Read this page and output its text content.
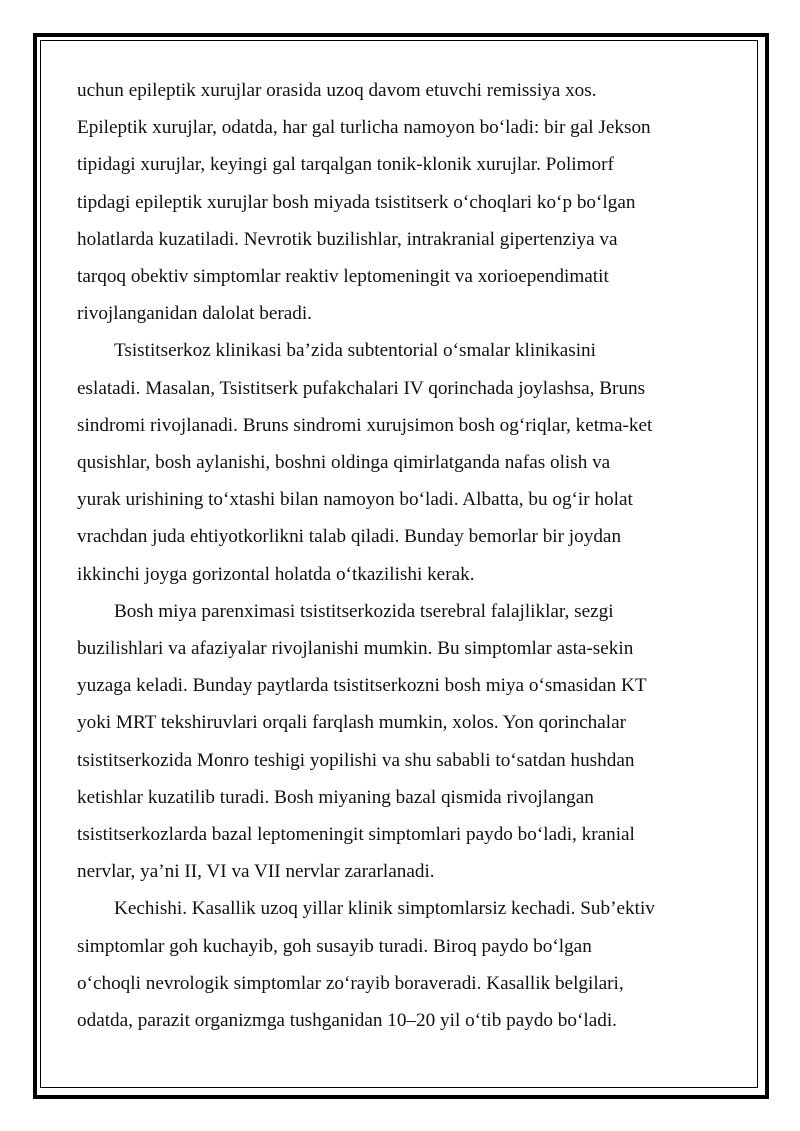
uchun epileptik xurujlar orasida uzoq davom etuvchi remissiya xos.
Epileptik xurujlar, odatda, har gal turlicha namoyon bo‘ladi: bir gal Jekson
tipidagi xurujlar, keyingi gal tarqalgan tonik-klonik xurujlar. Polimorf
tipdagi epileptik xurujlar bosh miyada tsistitserk o‘choqlari ko‘p bo‘lgan
holatlarda kuzatiladi. Nevrotik buzilishlar, intrakranial gipertenziya va
tarqoq obektiv simptomlar reaktiv leptomeningit va xorioependimatit
rivojlanganidan dalolat beradi.
Tsistitserkoz klinikasi ba’zida subtentorial o‘smalar klinikasini
eslatadi. Masalan, Tsistitserk pufakchalari IV qorinchada joylashsa, Bruns
sindromi rivojlanadi. Bruns sindromi xurujsimon bosh og‘riqlar, ketma-ket
qusishlar, bosh aylanishi, boshni oldinga qimirlatganda nafas olish va
yurak urishining to‘xtashi bilan namoyon bo‘ladi. Albatta, bu og‘ir holat
vrachdan juda ehtiyotkorlikni talab qiladi. Bunday bemorlar bir joydan
ikkinchi joyga gorizontal holatda o‘tkazilishi kerak.
Bosh miya parenximasi tsistitserkozida tserebral falajliklar, sezgi
buzilishlari va afaziyalar rivojlanishi mumkin. Bu simptomlar asta-sekin
yuzaga keladi. Bunday paytlarda tsistitserkozni bosh miya o‘smasidan KT
yoki MRT tekshiruvlari orqali farqlash mumkin, xolos. Yon qorinchalar
tsistitserkozida Monro teshigi yopilishi va shu sababli to‘satdan hushdan
ketishlar kuzatilib turadi. Bosh miyaning bazal qismida rivojlangan
tsistitserkozlarda bazal leptomeningit simptomlari paydo bo‘ladi, kranial
nervlar, ya’ni II, VI va VII nervlar zararlanadi.
Kechishi. Kasallik uzoq yillar klinik simptomlarsiz kechadi. Sub’ektiv
simptomlar goh kuchayib, goh susayib turadi. Biroq paydo bo‘lgan
o‘choqli nevrologik simptomlar zo‘rayib boraveradi. Kasallik belgilari,
odatda, parazit organizmga tushganidan 10–20 yil o‘tib paydo bo‘ladi.
